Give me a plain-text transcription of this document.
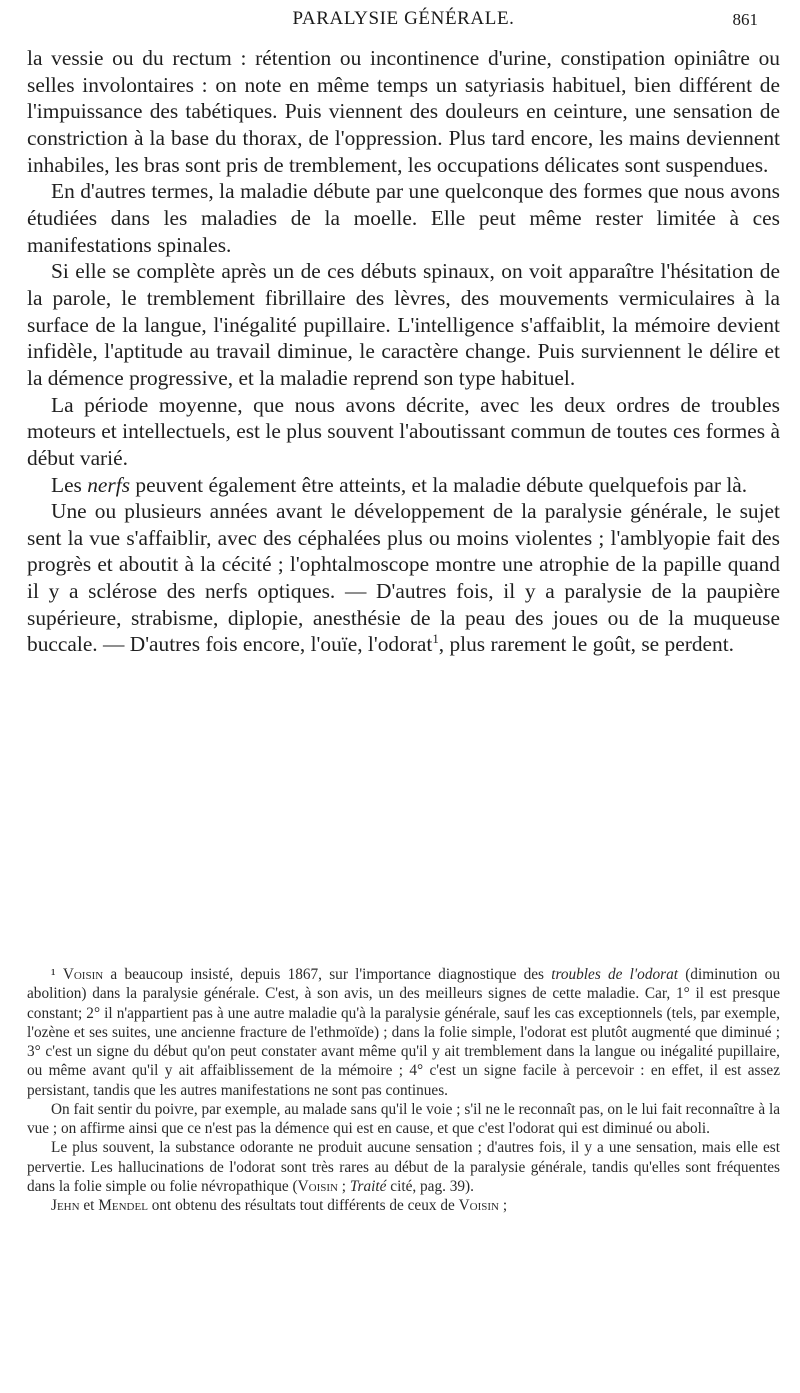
PARALYSIE GÉNÉRALE.	861

la vessie ou du rectum : rétention ou incontinence d'urine, constipation opiniâtre ou selles involontaires : on note en même temps un satyriasis habituel, bien différent de l'impuissance des tabétiques. Puis viennent des douleurs en ceinture, une sensation de constriction à la base du thorax, de l'oppression. Plus tard encore, les mains deviennent inhabiles, les bras sont pris de tremblement, les occupations délicates sont suspendues.

En d'autres termes, la maladie débute par une quelconque des formes que nous avons étudiées dans les maladies de la moelle. Elle peut même rester limitée à ces manifestations spinales.

Si elle se complète après un de ces débuts spinaux, on voit apparaître l'hésitation de la parole, le tremblement fibrillaire des lèvres, des mouvements vermiculaires à la surface de la langue, l'inégalité pupillaire. L'intelligence s'affaiblit, la mémoire devient infidèle, l'aptitude au travail diminue, le caractère change. Puis surviennent le délire et la démence progressive, et la maladie reprend son type habituel.

La période moyenne, que nous avons décrite, avec les deux ordres de troubles moteurs et intellectuels, est le plus souvent l'aboutissant commun de toutes ces formes à début varié.

Les nerfs peuvent également être atteints, et la maladie débute quelquefois par là.

Une ou plusieurs années avant le développement de la paralysie générale, le sujet sent la vue s'affaiblir, avec des céphalées plus ou moins violentes ; l'amblyopie fait des progrès et aboutit à la cécité ; l'ophtalmoscope montre une atrophie de la papille quand il y a sclérose des nerfs optiques. — D'autres fois, il y a paralysie de la paupière supérieure, strabisme, diplopie, anesthésie de la peau des joues ou de la muqueuse buccale. — D'autres fois encore, l'ouïe, l'odorat$^1$, plus rarement le goût, se perdent.

¹ Voisin a beaucoup insisté, depuis 1867, sur l'importance diagnostique des troubles de l'odorat (diminution ou abolition) dans la paralysie générale. C'est, à son avis, un des meilleurs signes de cette maladie. Car, 1° il est presque constant; 2° il n'appartient pas à une autre maladie qu'à la paralysie générale, sauf les cas exceptionnels (tels, par exemple, l'ozène et ses suites, une ancienne fracture de l'ethmoïde) ; dans la folie simple, l'odorat est plutôt augmenté que diminué ; 3° c'est un signe du début qu'on peut constater avant même qu'il y ait tremblement dans la langue ou inégalité pupillaire, ou même avant qu'il y ait affaiblissement de la mémoire ; 4° c'est un signe facile à percevoir : en effet, il est assez persistant, tandis que les autres manifestations ne sont pas continues.

On fait sentir du poivre, par exemple, au malade sans qu'il le voie ; s'il ne le reconnaît pas, on le lui fait reconnaître à la vue ; on affirme ainsi que ce n'est pas la démence qui est en cause, et que c'est l'odorat qui est diminué ou aboli.

Le plus souvent, la substance odorante ne produit aucune sensation ; d'autres fois, il y a une sensation, mais elle est pervertie. Les hallucinations de l'odorat sont très rares au début de la paralysie générale, tandis qu'elles sont fréquentes dans la folie simple ou folie névropathique (Voisin ; Traité cité, pag. 39).

Jehn et Mendel ont obtenu des résultats tout différents de ceux de Voisin ;
